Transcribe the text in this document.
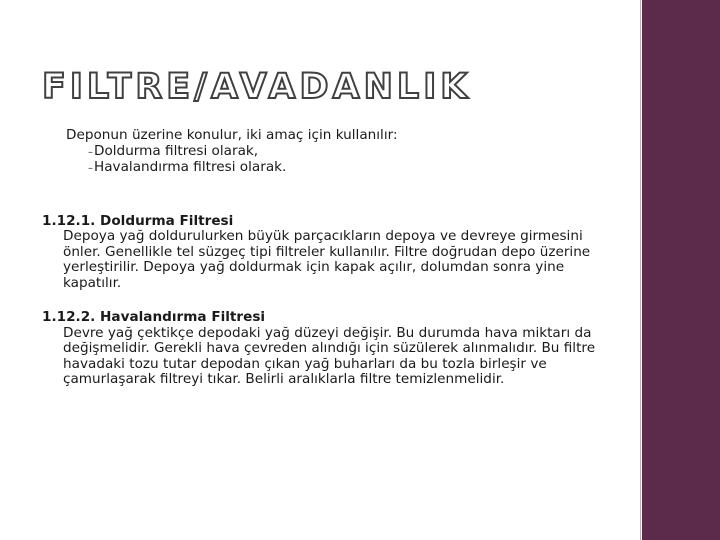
FILTRE/AVADANLIK

Deponun üzerine konulur, iki amaç için kullanılır:

–Doldurma filtresi olarak,
–Havalandırma filtresi olarak.

1.12.1. Doldurma Filtresi

Depoya yağ doldurulurken büyük parçacıkların depoya ve devreye girmesini önler. Genellikle tel süzgeç tipi filtreler kullanılır. Filtre doğrudan depo üzerine yerleştirilir. Depoya yağ doldurmak için kapak açılır, dolumdan sonra yine kapatılır.

1.12.2. Havalandırma Filtresi

Devre yağ çektikçe depodaki yağ düzeyi değişir. Bu durumda hava miktarı da değişmelidir. Gerekli hava çevreden alındığı için süzülerek alınmalıdır. Bu filtre havadaki tozu tutar depodan çıkan yağ buharları da bu tozla birleşir ve çamurlaşarak filtreyi tıkar. Belirli aralıklarla filtre temizlenmelidir.
